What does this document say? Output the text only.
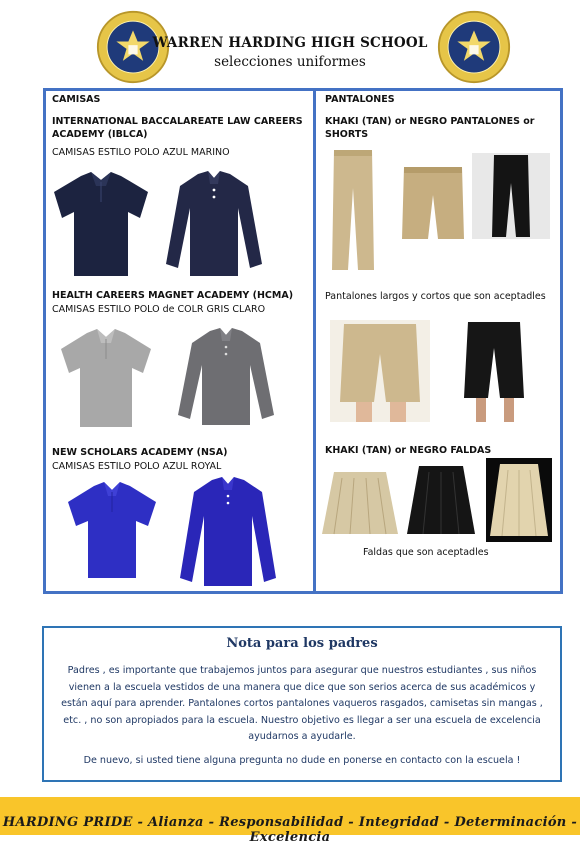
WARREN HARDING HIGH SCHOOL
selecciones uniformes
CAMISAS
INTERNATIONAL BACCALAREATE LAW CAREERS ACADEMY (IBLCA)
CAMISAS ESTILO POLO AZUL MARINO
HEALTH CAREERS MAGNET ACADEMY (HCMA)
CAMISAS ESTILO POLO de COLR GRIS CLARO
NEW SCHOLARS ACADEMY (NSA)
CAMISAS ESTILO POLO AZUL ROYAL
PANTALONES
KHAKI (TAN) or NEGRO PANTALONES or SHORTS
Pantalones largos y cortos que son aceptadles
KHAKI (TAN) or NEGRO FALDAS
Faldas que son aceptadles
Nota para los padres
Padres , es importante que trabajemos juntos para asegurar que nuestros estudiantes , sus niños vienen a la escuela vestidos de una manera que dice que son serios acerca de sus académicos y están aquí para aprender. Pantalones cortos pantalones vaqueros rasgados, camisetas sin mangas , etc. , no son apropiados para la escuela. Nuestro objetivo es llegar a ser una escuela de excelencia ayudarnos a ayudarle.
De nuevo, si usted tiene alguna pregunta no dude en ponerse en contacto con la escuela !
HARDING PRIDE - Alianza - Responsabilidad - Integridad - Determinación - Excelencia
